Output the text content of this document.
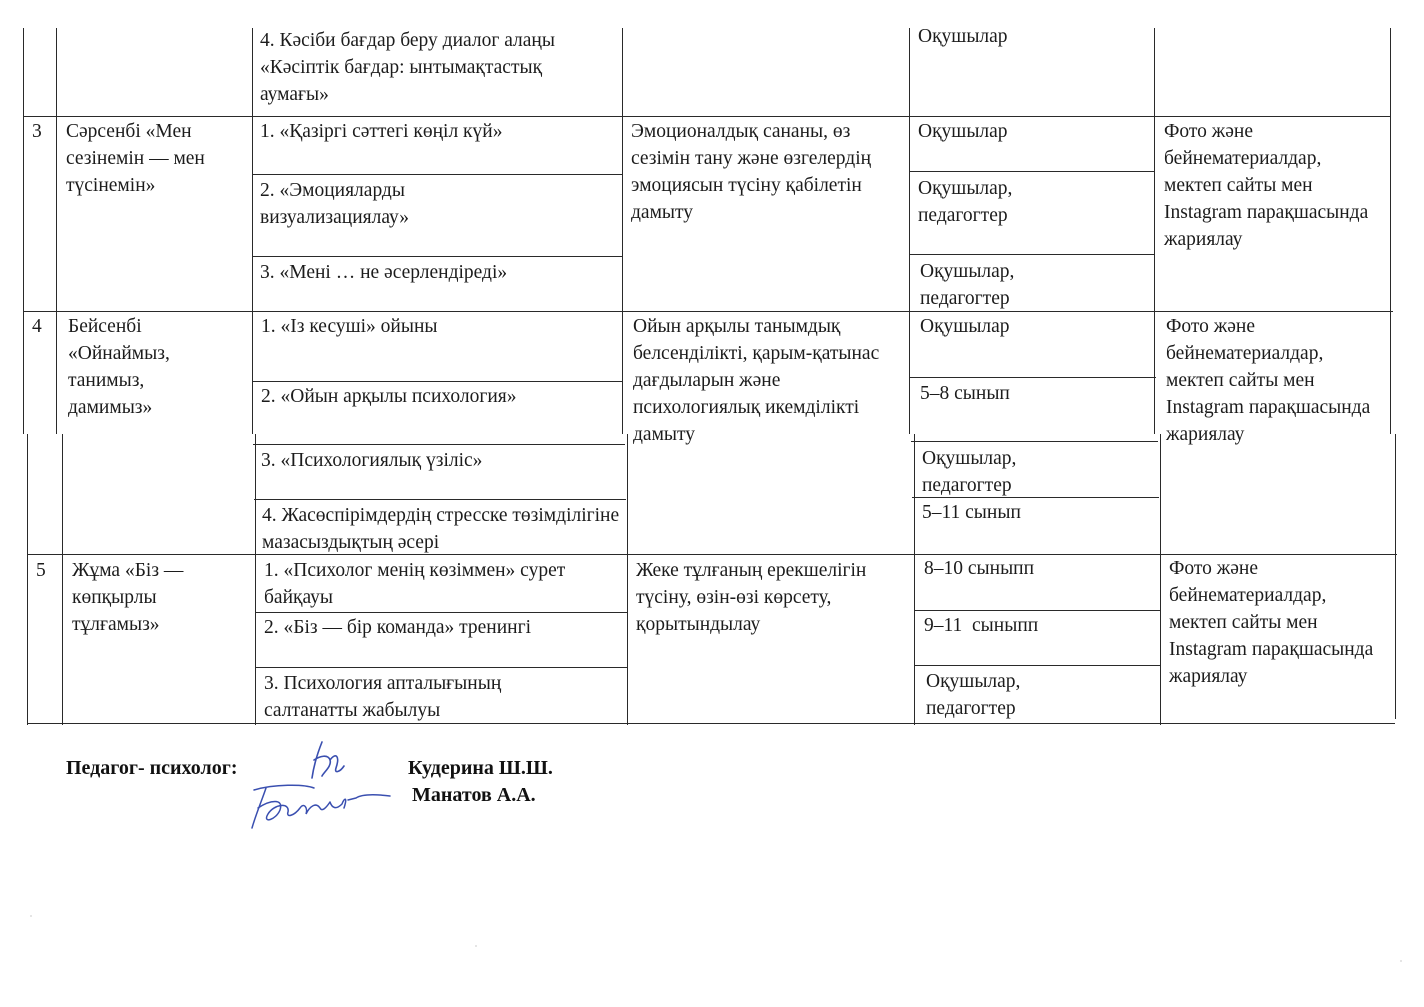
4. Кәсіби бағдар беру диалог алаңы «Кәсіптік бағдар: ынтымақтастық аумағы»
Оқушылар
3 Сәрсенбі «Мен сезінемін — мен түсінемін»
1. «Қазіргі сәттегі көңіл күй»
2. «Эмоцияларды визуализациялау»
3. «Мені … не әсерлендіреді»
Эмоционалдық сананы, өз сезімін тану және өзгелердің эмоциясын түсіну қабілетін дамыту
Оқушылар
Оқушылар, педагогтер
Оқушылар, педагогтер
Фото және бейнематериалдар, мектеп сайты мен Instagram парақшасында жариялау
4 Бейсенбі «Ойнаймыз, танимыз, дамимыз»
1. «Із кесуші» ойыны
2. «Ойын арқылы психология»
3. «Психологиялық үзіліс»
4. Жасөспірімдердің стресске төзімділігіне мазасыздықтың әсері
Ойын арқылы танымдық белсенділікті, қарым-қатынас дағдыларын және психологиялық икемділікті дамыту
Оқушылар
5–8 сынып
Оқушылар, педагогтер
5–11 сынып
Фото және бейнематериалдар, мектеп сайты мен Instagram парақшасында жариялау
5 Жұма «Біз — көпқырлы тұлғамыз»
1. «Психолог менің көзіммен» сурет байқауы
2. «Біз — бір команда» тренингі
3. Психология апталығының салтанатты жабылуы
Жеке тұлғаның ерекшелігін түсіну, өзін-өзі көрсету, қорытындылау
8–10 сыныпп
9–11  сыныпп
Оқушылар, педагогтер
Фото және бейнематериалдар, мектеп сайты мен Instagram парақшасында жариялау
Педагог- психолог:	Кудерина Ш.Ш.
Манатов А.А.
